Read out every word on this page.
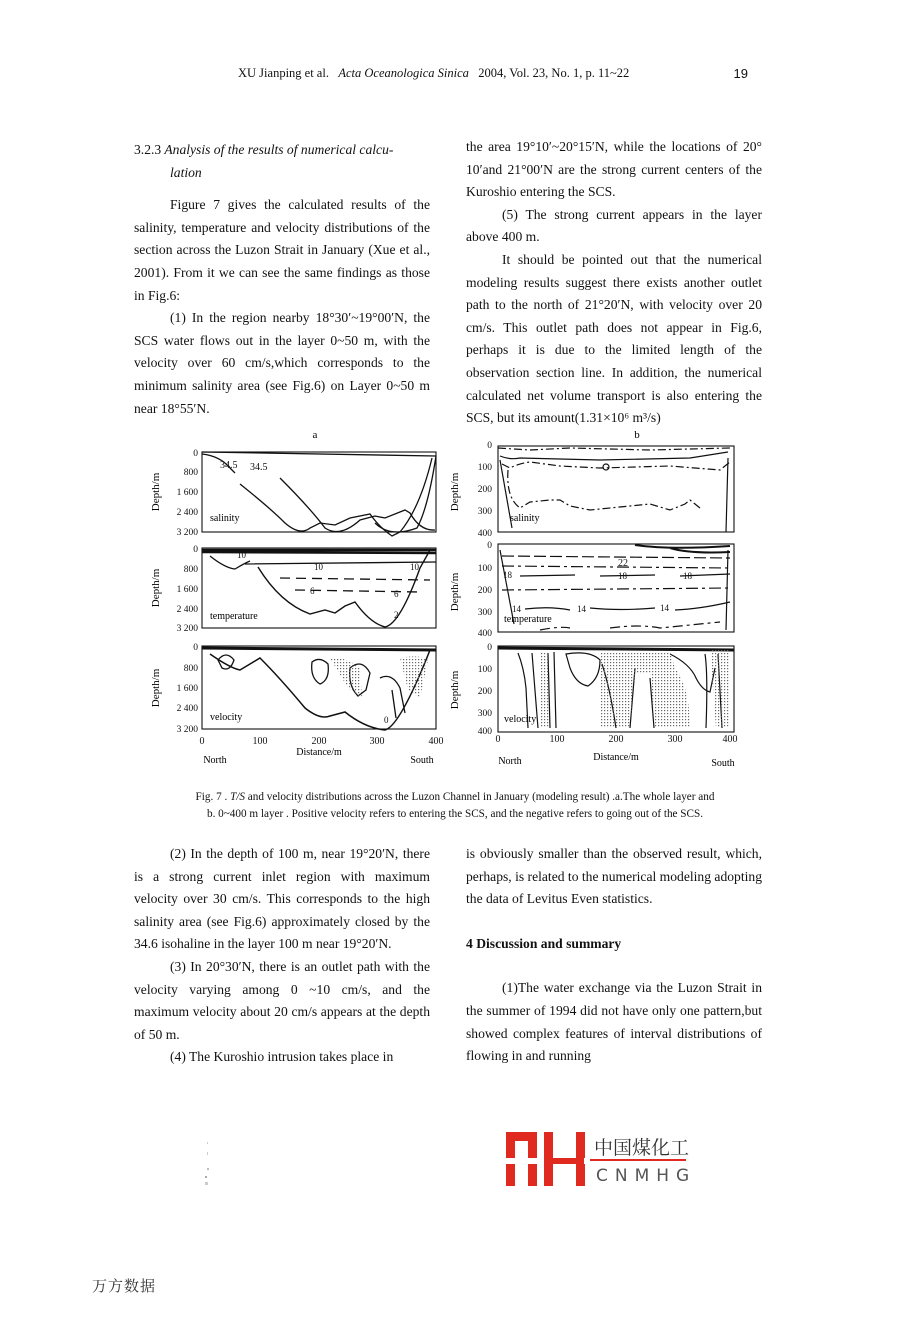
XU Jianping et al. Acta Oceanologica Sinica 2004, Vol. 23, No. 1, p. 11~22	19

3.2.3 Analysis of the results of numerical calcu-

lation

Figure 7 gives the calculated results of the salinity, temperature and velocity distributions of the section across the Luzon Strait in January (Xue et al., 2001). From it we can see the same findings as those in Fig.6:

(1) In the region nearby 18°30′~19°00′N, the SCS water flows out in the layer 0~50 m, with the velocity over 60 cm/s,which corresponds to the minimum salinity area (see Fig.6) on Layer 0~50 m near 18°55′N.

the area 19°10′~20°15′N, while the locations of 20° 10′and 21°00′N are the strong current centers of the Kuroshio entering the SCS.

(5) The strong current appears in the layer above 400 m.

It should be pointed out that the numerical modeling results suggest there exists another outlet path to the north of 21°20′N, with velocity over 20 cm/s. This outlet path does not appear in Fig.6, perhaps it is due to the limited length of the observation section line. In addition, the numerical calculated net volume transport is also entering the SCS, but its amount(1.31×10⁶ m³/s)

a	b
34.5 34.5
10
10	10
6	6
2
0
salinity
temperature
velocity
0
800
1 600
2 400
3 200
0
800
1 600
2 400
3 200
0
800
1 600
2 400
3 200
Depth/m
Depth/m
Depth/m
0	100	200	300	400
Distance/m
North	South
22
18	18	18
14	14	14
salinity
temperature
velocity
0
100
200
300
400
0
100
200
300
400
0
100
200
300
400
Depth/m
Depth/m
Depth/m
0	100	200	300	400
Distance/m
North	South
Fig. 7 . T/S and velocity distributions across the Luzon Channel in January (modeling result) .a.The whole layer and
b. 0~400 m layer . Positive velocity refers to entering the SCS, and the negative refers to going out of the SCS.

(2) In the depth of 100 m, near 19°20′N, there is a strong current inlet region with maximum velocity over 30 cm/s. This corresponds to the high salinity area (see Fig.6) approximately closed by the 34.6 isohaline in the layer 100 m near 19°20′N.

(3) In 20°30′N, there is an outlet path with the velocity varying among 0 ~10 cm/s, and the maximum velocity about 20 cm/s appears at the depth of 50 m.

(4) The Kuroshio intrusion takes place in

is obviously smaller than the observed result, which, perhaps, is related to the numerical modeling adopting the data of Levitus Even statistics.

4 Discussion and summary

(1)The water exchange via the Luzon Strait in the summer of 1994 did not have only one pattern,but showed complex features of interval distributions of flowing in and running

中国煤化工
CNMHG
万方数据
